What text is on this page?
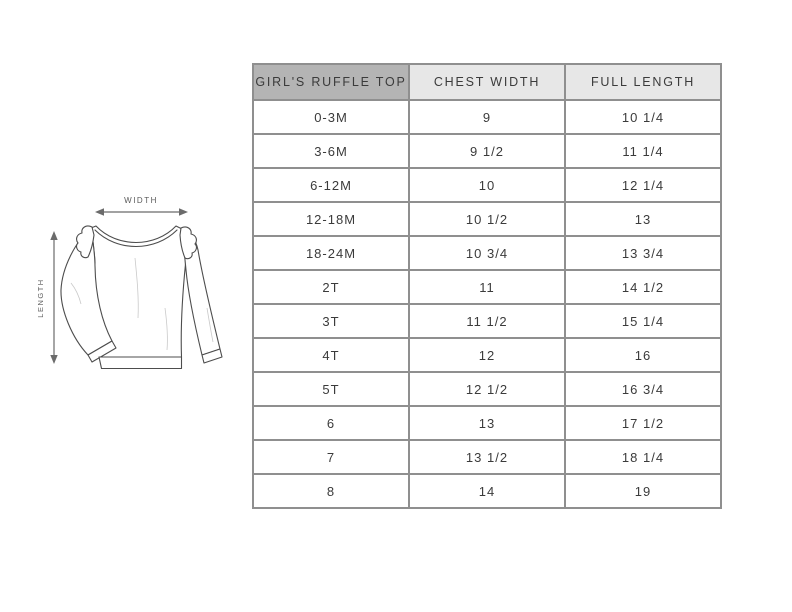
WIDTH
LENGTH
GIRL'S RUFFLE TOP	CHEST WIDTH	FULL LENGTH
0-3M	9	10 1/4
3-6M	9 1/2	11 1/4
6-12M	10	12 1/4
12-18M	10 1/2	13
18-24M	10 3/4	13 3/4
2T	11	14 1/2
3T	11 1/2	15 1/4
4T	12	16
5T	12 1/2	16 3/4
6	13	17 1/2
7	13 1/2	18 1/4
8	14	19
